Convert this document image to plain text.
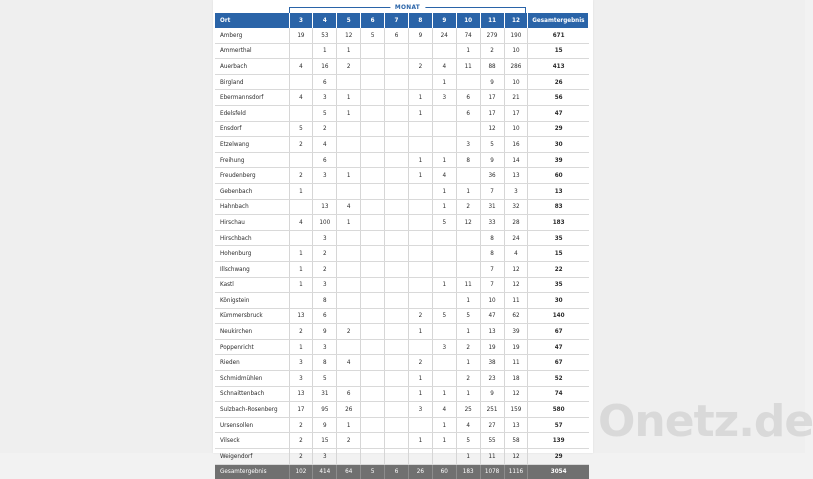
MONAT
Ort	3	4	5	6	7	8	9	10	11	12	Gesamtergebnis
Amberg	19	53	12	5	6	9	24	74	279	190	671
Ammerthal		1	1					1	2	10	15
Auerbach	4	16	2			2	4	11	88	286	413
Birgland		6					1		9	10	26
Ebermannsdorf	4	3	1			1	3	6	17	21	56
Edelsfeld		5	1			1		6	17	17	47
Ensdorf	5	2							12	10	29
Etzelwang	2	4						3	5	16	30
Freihung		6				1	1	8	9	14	39
Freudenberg	2	3	1			1	4		36	13	60
Gebenbach	1						1	1	7	3	13
Hahnbach		13	4				1	2	31	32	83
Hirschau	4	100	1				5	12	33	28	183
Hirschbach		3							8	24	35
Hohenburg	1	2							8	4	15
Illschwang	1	2							7	12	22
Kastl	1	3					1	11	7	12	35
Königstein		8						1	10	11	30
Kümmersbruck	13	6				2	5	5	47	62	140
Neukirchen	2	9	2			1		1	13	39	67
Poppenricht	1	3					3	2	19	19	47
Rieden	3	8	4			2		1	38	11	67
Schmidmühlen	3	5				1		2	23	18	52
Schnaittenbach	13	31	6			1	1	1	9	12	74
Sulzbach-Rosenberg	17	95	26			3	4	25	251	159	580
Ursensollen	2	9	1				1	4	27	13	57
Vilseck	2	15	2			1	1	5	55	58	139
Weigendorf	2	3						1	11	12	29
Gesamtergebnis	102	414	64	5	6	26	60	183	1078	1116	3054
Onetz.de
